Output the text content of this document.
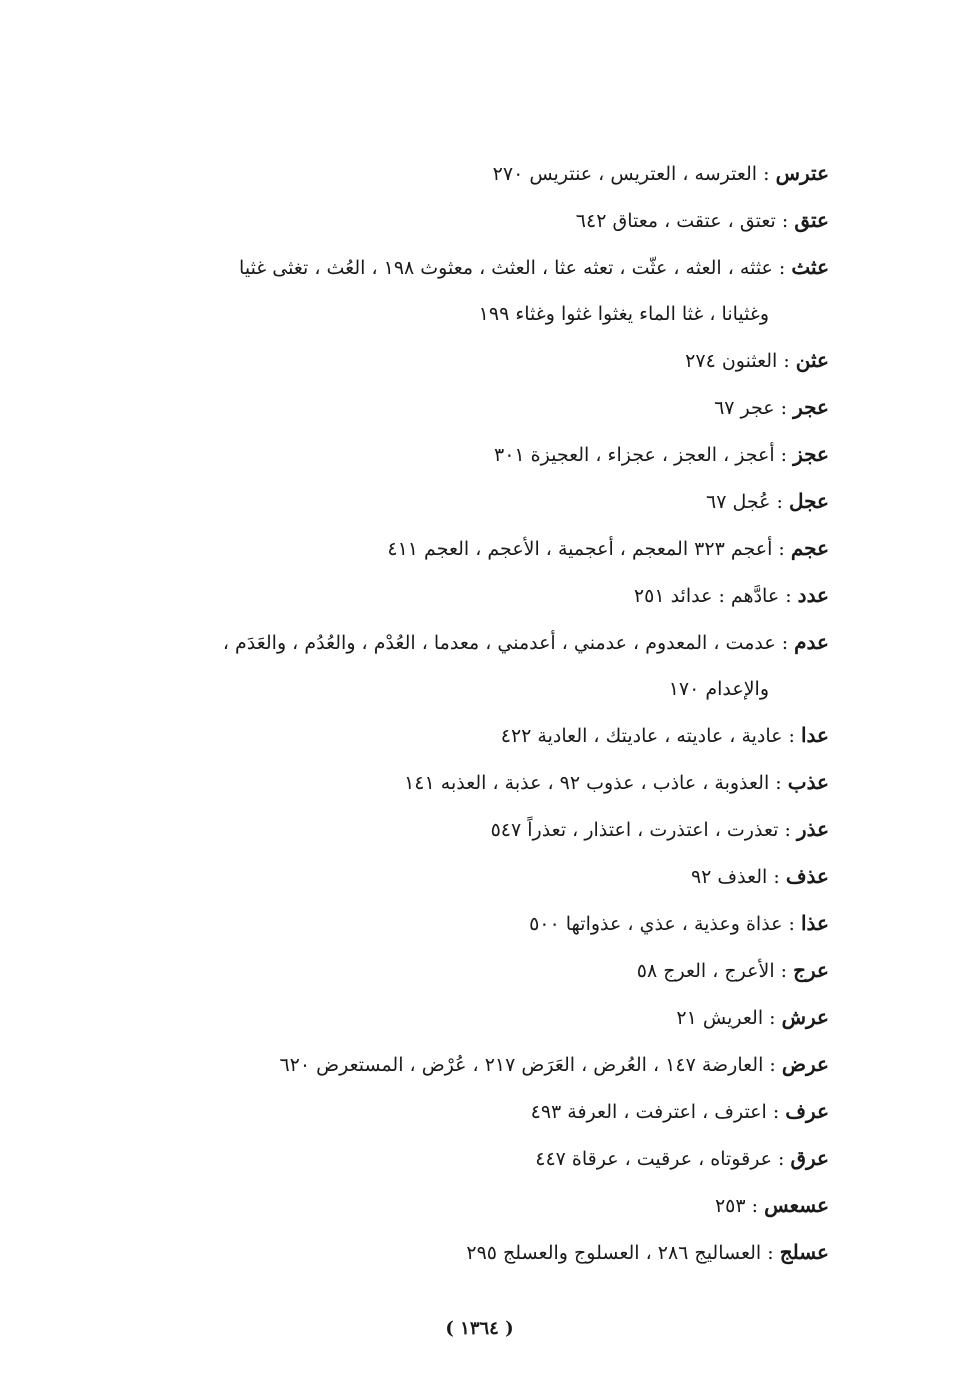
عترس : العترسه ، العتريس ، عنتريس ٢٧٠
عتق : تعتق ، عتقت ، معتاق ٦٤٢
عثث : عثثه ، العثه ، عثّت ، تعثه عثا ، العثث ، معثوث ١٩٨ ، العُث ، تغثى غثيا
وغثيانا ، غثا الماء يغثوا غثوا وغثاء ١٩٩
عثن : العثنون ٢٧٤
عجر : عجر ٦٧
عجز : أعجز ، العجز ، عجزاء ، العجيزة ٣٠١
عجل : عُجل ٦٧
عجم : أعجم ٣٢٣ المعجم ، أعجمية ، الأعجم ، العجم ٤١١
عدد : عادَّهم : عدائد ٢٥١
عدم : عدمت ، المعدوم ، عدمني ، أعدمني ، معدما ، العُدْم ، والعُدُم ، والعَدَم ،
والإعدام ١٧٠
عدا : عادية ، عاديته ، عاديتك ، العادية ٤٢٢
عذب : العذوبة ، عاذب ، عذوب ٩٢ ، عذبة ، العذبه ١٤١
عذر : تعذرت ، اعتذرت ، اعتذار ، تعذراً ٥٤٧
عذف : العذف ٩٢
عذا : عذاة وعذية ، عذي ، عذواتها ٥٠٠
عرج : الأعرج ، العرج ٥٨
عرش : العريش ٢١
عرض : العارضة ١٤٧ ، العُرض ، العَرَض ٢١٧ ، عُرْض ، المستعرض ٦٢٠
عرف : اعترف ، اعترفت ، العرفة ٤٩٣
عرق : عرقوتاه ، عرقيت ، عرقاة ٤٤٧
عسعس : ٢٥٣
عسلج : العساليج ٢٨٦ ، العسلوج والعسلج ٢٩٥
( ١٣٦٤ )
